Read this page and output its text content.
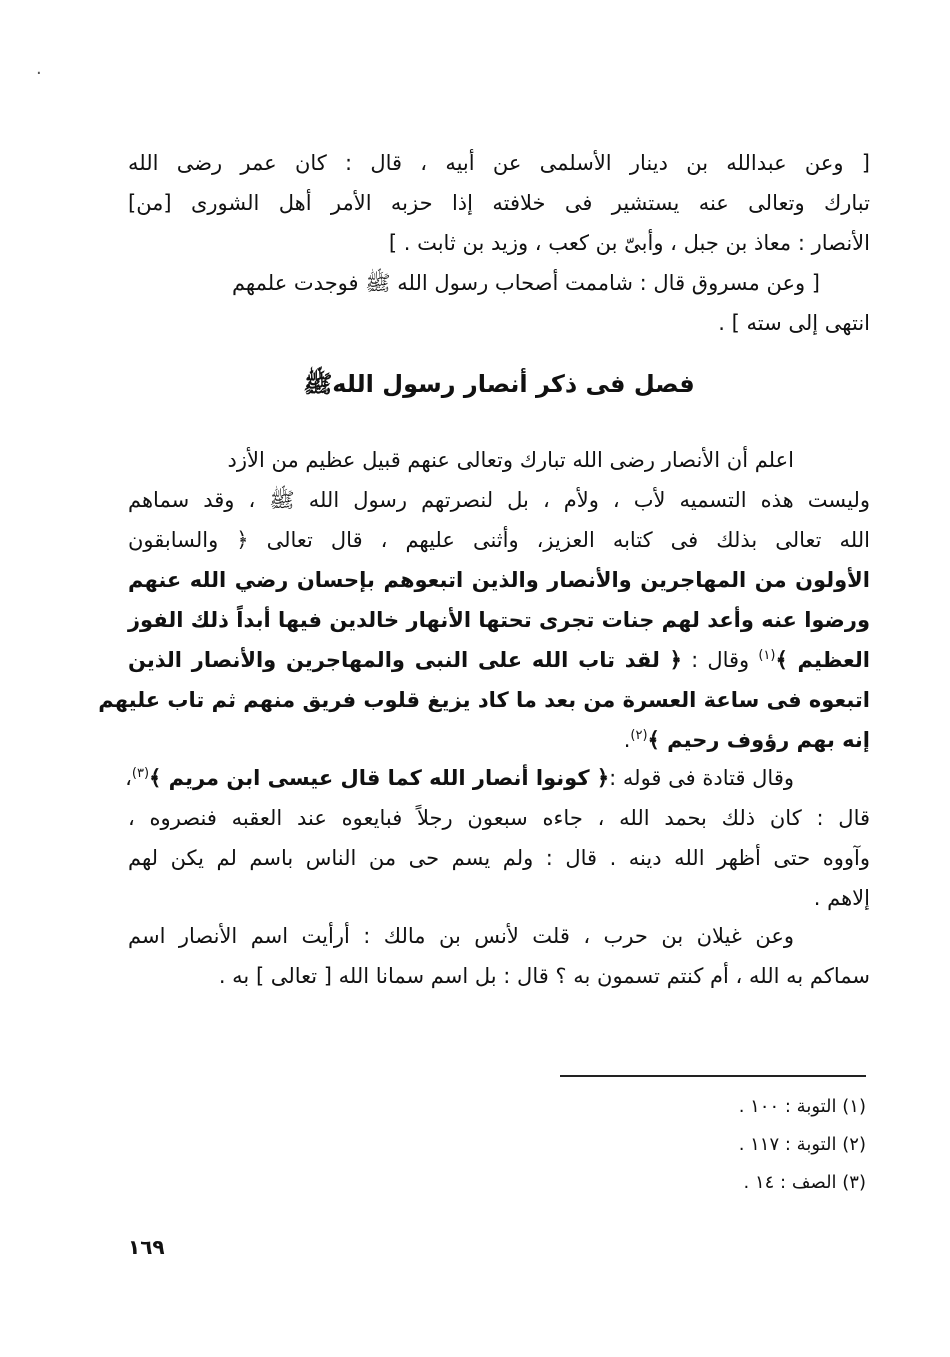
.
[ وعن عبدالله بن دينار الأسلمى عن أبيه ، قال : كان عمر رضى الله
تبارك وتعالى عنه يستشير فى خلافته إذا حزبه الأمر أهل الشورى [من]
الأنصار : معاذ بن جبل ، وأبىّ بن كعب ، وزيد بن ثابت . ]
[ وعن مسروق قال : شاممت أصحاب رسول الله ﷺ فوجدت علمهم
انتهى إلى سته ] .
فصل فى ذكر أنصار رسول اللهﷺ
اعلم أن الأنصار رضى الله تبارك وتعالى عنهم قبيل عظيم من الأزد
وليست هذه التسميه لأب ، ولأم ، بل لنصرتهم رسول الله ﷺ ، وقد سماهم
الله تعالى بذلك فى كتابه العزيز، وأثنى عليهم ، قال تعالى ﴿ والسابقون
الأولون من المهاجرين والأنصار والذين اتبعوهم بإحسان رضي الله عنهم
ورضوا عنه وأعد لهم جنات تجرى تحتها الأنهار خالدين فيها أبداً ذلك الفوز
العظيم ﴾$^{(١)}$ وقال : ﴿ لقد تاب الله على النبى والمهاجرين والأنصار الذين
اتبعوه فى ساعة العسرة من بعد ما كاد يزيغ قلوب فريق منهم ثم تاب عليهم
إنه بهم رؤوف رحيم ﴾$^{(٢)}$.
وقال قتادة فى قوله :﴿ كونوا أنصار الله كما قال عيسى ابن مريم ﴾$^{(٣)}$،
قال : كان ذلك بحمد الله ، جاءه سبعون رجلاً فبايعوه عند العقبه فنصروه ،
وآووه حتى أظهر الله دينه . قال : ولم يسم حى من الناس باسم لم يكن لهم
إلاهم .
وعن غيلان بن حرب ، قلت لأنس بن مالك : أرأيت اسم الأنصار اسم
سماكم به الله ، أم كنتم تسمون به ؟ قال : بل اسم سمانا الله [ تعالى ] به .
(١) التوبة : ١٠٠ .
(٢) التوبة : ١١٧ .
(٣) الصف : ١٤ .
١٦٩
